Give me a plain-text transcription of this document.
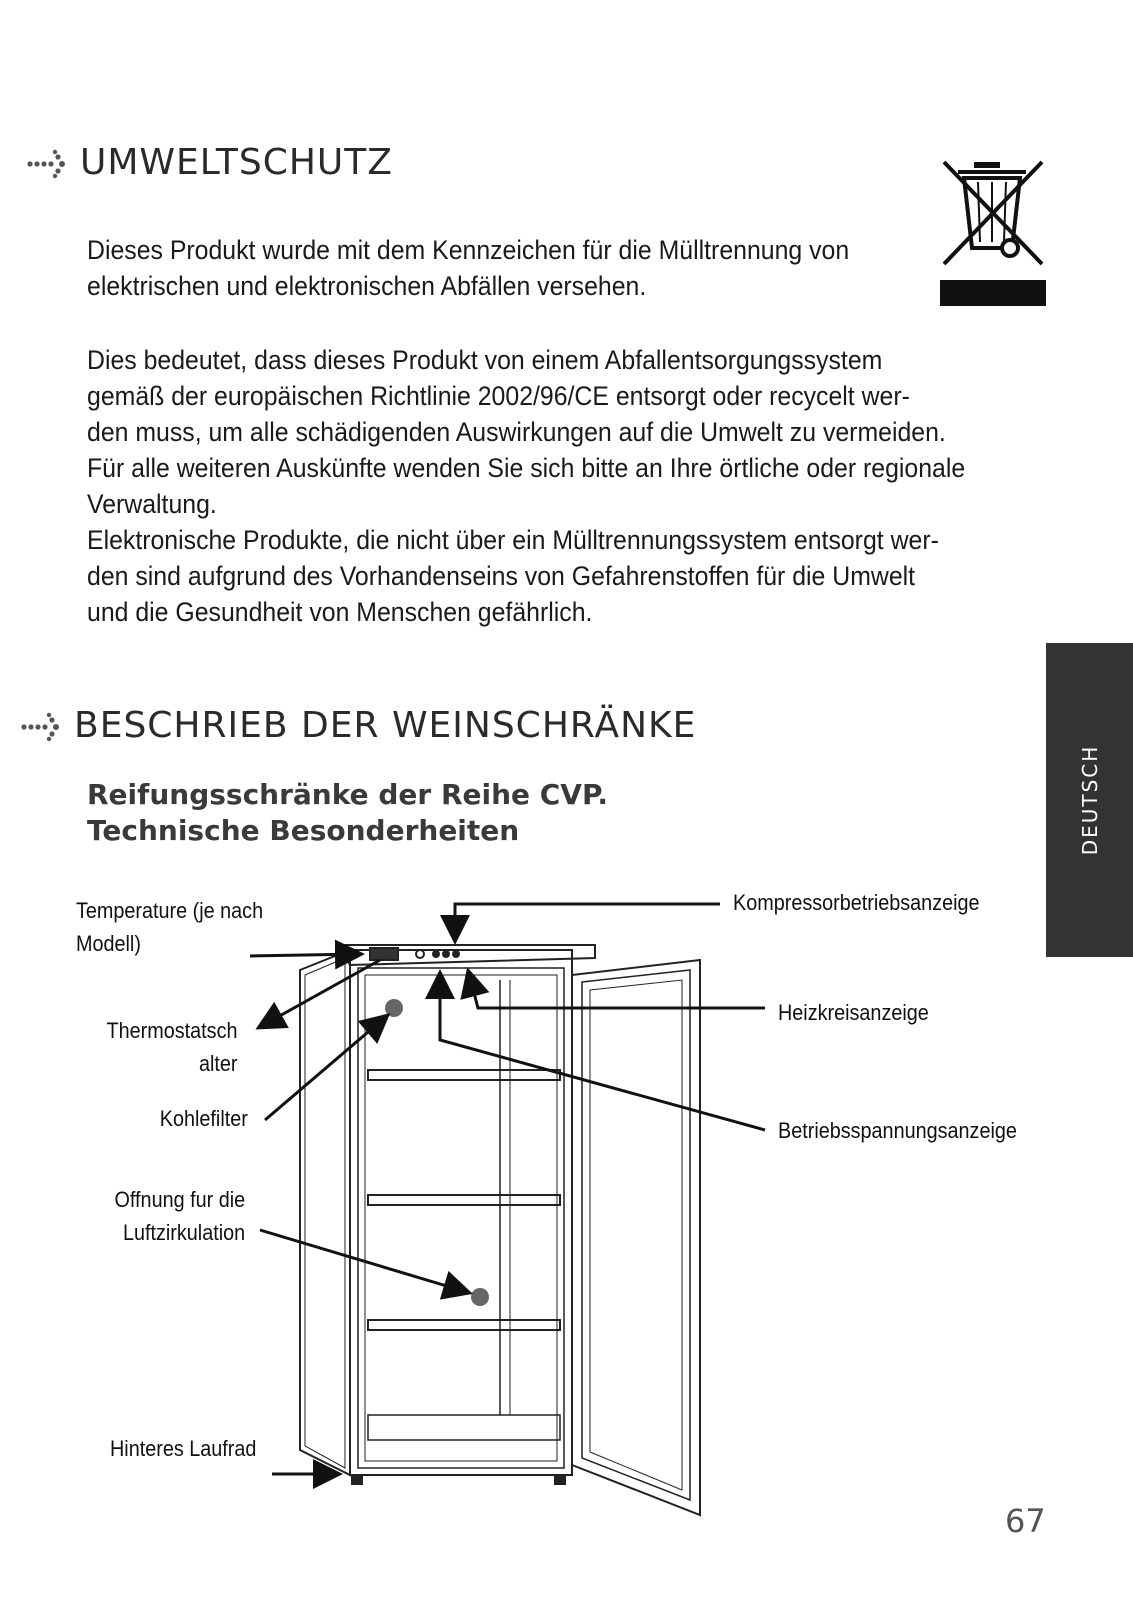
UMWELTSCHUTZ

Dieses Produkt wurde mit dem Kennzeichen für die Mülltrennung von
elektrischen und elektronischen Abfällen versehen.

Dies bedeutet, dass dieses Produkt von einem Abfallentsorgungssystem
gemäß der europäischen Richtlinie 2002/96/CE entsorgt oder recycelt wer-
den muss, um alle schädigenden Auswirkungen auf die Umwelt zu vermeiden.
Für alle weiteren Auskünfte wenden Sie sich bitte an Ihre örtliche oder regionale
Verwaltung.
Elektronische Produkte, die nicht über ein Mülltrennungssystem entsorgt wer-
den sind aufgrund des Vorhandenseins von Gefahrenstoffen für die Umwelt
und die Gesundheit von Menschen gefährlich.

BESCHRIEB DER WEINSCHRÄNKE
Reifungsschränke der Reihe CVP.
Technische Besonderheiten	DEUTSCH
Temperature (je nach
Modell)
Thermostatsch
alter
Kohlefilter
Offnung fur die
Luftzirkulation
Hinteres Laufrad
Kompressorbetriebsanzeige
Heizkreisanzeige
Betriebsspannungsanzeige
67
